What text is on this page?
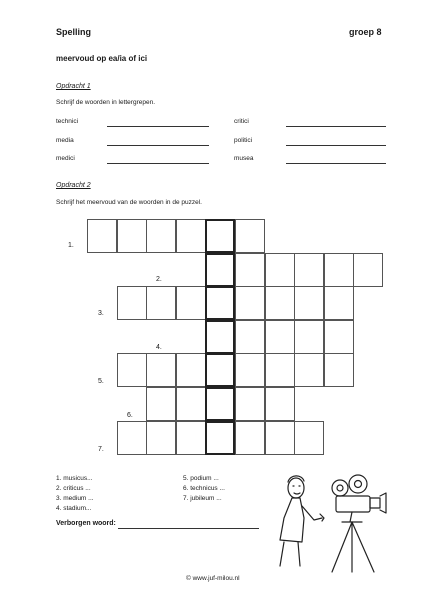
Spelling	groep 8
meervoud op ea/ia of ici
Opdracht 1
Schrijf de woorden in lettergrepen.
technici
media
medici
critici
politici
musea
Opdracht 2
Schrijf het meervoud van de woorden in de puzzel.
1.
2.
3.
4.
5.
6.
7.
1. musicus...
2. criticus ...
3. medium ...
4. stadium...
5. podium ...
6. technicus ...
7. jubileum ...
Verborgen woord:
© www.juf-milou.nl
